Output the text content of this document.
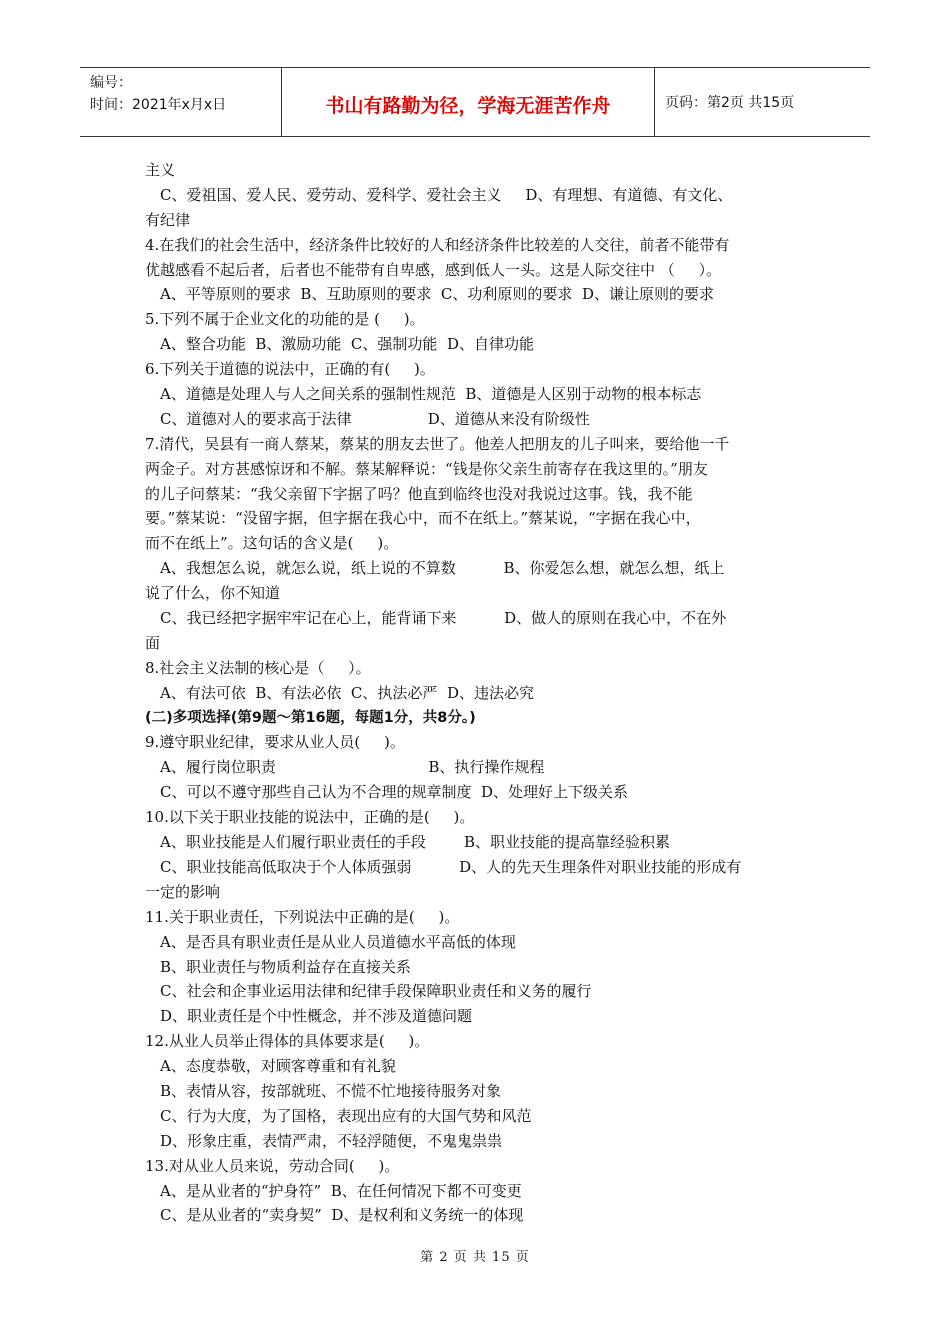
编号：
时间：2021年x月x日	书山有路勤为径，学海无涯苦作舟	页码：第2页 共15页
主义
C、爱祖国、爱人民、爱劳动、爱科学、爱社会主义     D、有理想、有道德、有文化、
有纪律
4.在我们的社会生活中，经济条件比较好的人和经济条件比较差的人交往，前者不能带有
优越感看不起后者，后者也不能带有自卑感，感到低人一头。这是人际交往中 （     ）。
A、平等原则的要求  B、互助原则的要求  C、功利原则的要求  D、谦让原则的要求
5.下列不属于企业文化的功能的是 (     )。
A、整合功能  B、激励功能  C、强制功能  D、自律功能
6.下列关于道德的说法中，正确的有(     )。
A、道德是处理人与人之间关系的强制性规范  B、道德是人区别于动物的根本标志
C、道德对人的要求高于法律                D、道德从来没有阶级性
7.清代，吴县有一商人蔡某，蔡某的朋友去世了。他差人把朋友的儿子叫来，要给他一千
两金子。对方甚感惊讶和不解。蔡某解释说：“钱是你父亲生前寄存在我这里的。”朋友
的儿子问蔡某：“我父亲留下字据了吗？他直到临终也没对我说过这事。钱，我不能
要。”蔡某说：“没留字据，但字据在我心中，而不在纸上。”蔡某说，“字据在我心中，
而不在纸上”。这句话的含义是(     )。
A、我想怎么说，就怎么说，纸上说的不算数          B、你爱怎么想，就怎么想，纸上
说了什么，你不知道
C、我已经把字据牢牢记在心上，能背诵下来          D、做人的原则在我心中，不在外
面
8.社会主义法制的核心是（     ）。
A、有法可依  B、有法必依  C、执法必严  D、违法必究
(二)多项选择(第9题～第16题，每题1分，共8分。)
9.遵守职业纪律，要求从业人员(     )。
A、履行岗位职责                                B、执行操作规程
C、可以不遵守那些自己认为不合理的规章制度  D、处理好上下级关系
10.以下关于职业技能的说法中，正确的是(     )。
A、职业技能是人们履行职业责任的手段        B、职业技能的提高靠经验积累
C、职业技能高低取决于个人体质强弱          D、人的先天生理条件对职业技能的形成有
一定的影响
11.关于职业责任，下列说法中正确的是(     )。
A、是否具有职业责任是从业人员道德水平高低的体现
B、职业责任与物质利益存在直接关系
C、社会和企事业运用法律和纪律手段保障职业责任和义务的履行
D、职业责任是个中性概念，并不涉及道德问题
12.从业人员举止得体的具体要求是(     )。
A、态度恭敬，对顾客尊重和有礼貌
B、表情从容，按部就班、不慌不忙地接待服务对象
C、行为大度，为了国格，表现出应有的大国气势和风范
D、形象庄重，表情严肃，不轻浮随便，不鬼鬼祟祟
13.对从业人员来说，劳动合同(     )。
A、是从业者的“护身符”  B、在任何情况下都不可变更
C、是从业者的“卖身契”  D、是权利和义务统一的体现
第 2 页 共 15 页
